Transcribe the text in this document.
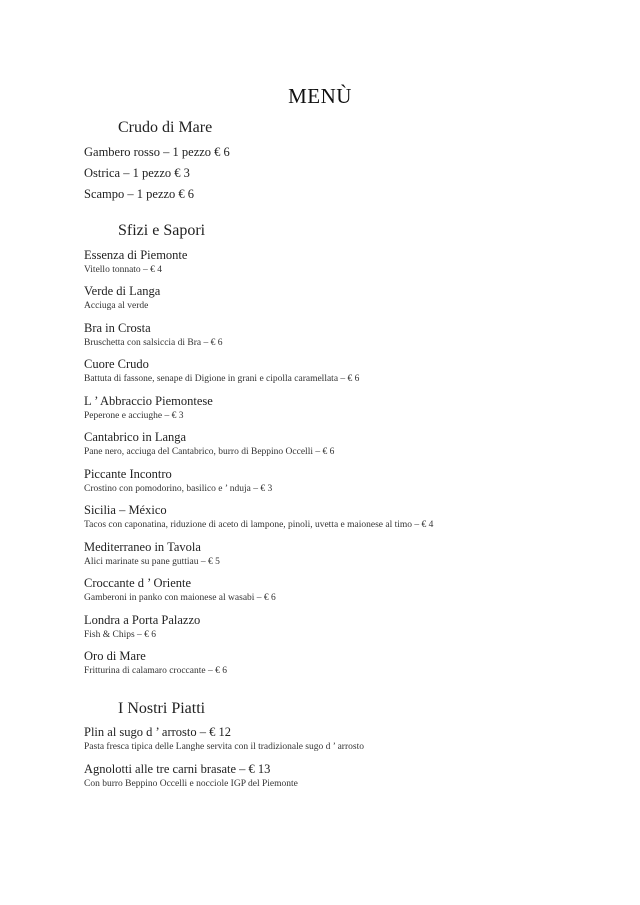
MENÙ
Crudo di Mare
Gambero rosso – 1 pezzo € 6
Ostrica – 1 pezzo € 3
Scampo – 1 pezzo € 6
Sfizi e Sapori
Essenza di Piemonte
Vitello tonnato – € 4
Verde di Langa
Acciuga al verde
Bra in Crosta
Bruschetta con salsiccia di Bra – € 6
Cuore Crudo
Battuta di fassone, senape di Digione in grani e cipolla caramellata – € 6
L ’ Abbraccio Piemontese
Peperone e acciughe – € 3
Cantabrico in Langa
Pane nero, acciuga del Cantabrico, burro di Beppino Occelli – € 6
Piccante Incontro
Crostino con pomodorino, basilico e ’ nduja – € 3
Sicilia – México
Tacos con caponatina, riduzione di aceto di lampone, pinoli, uvetta e maionese al timo – € 4
Mediterraneo in Tavola
Alici marinate su pane guttiau – € 5
Croccante d ’ Oriente
Gamberoni in panko con maionese al wasabi – € 6
Londra a Porta Palazzo
Fish & Chips – € 6
Oro di Mare
Fritturina di calamaro croccante – € 6
I Nostri Piatti
Plin al sugo d ’ arrosto – € 12
Pasta fresca tipica delle Langhe servita con il tradizionale sugo d ’ arrosto
Agnolotti alle tre carni brasate – € 13
Con burro Beppino Occelli e nocciole IGP del Piemonte
